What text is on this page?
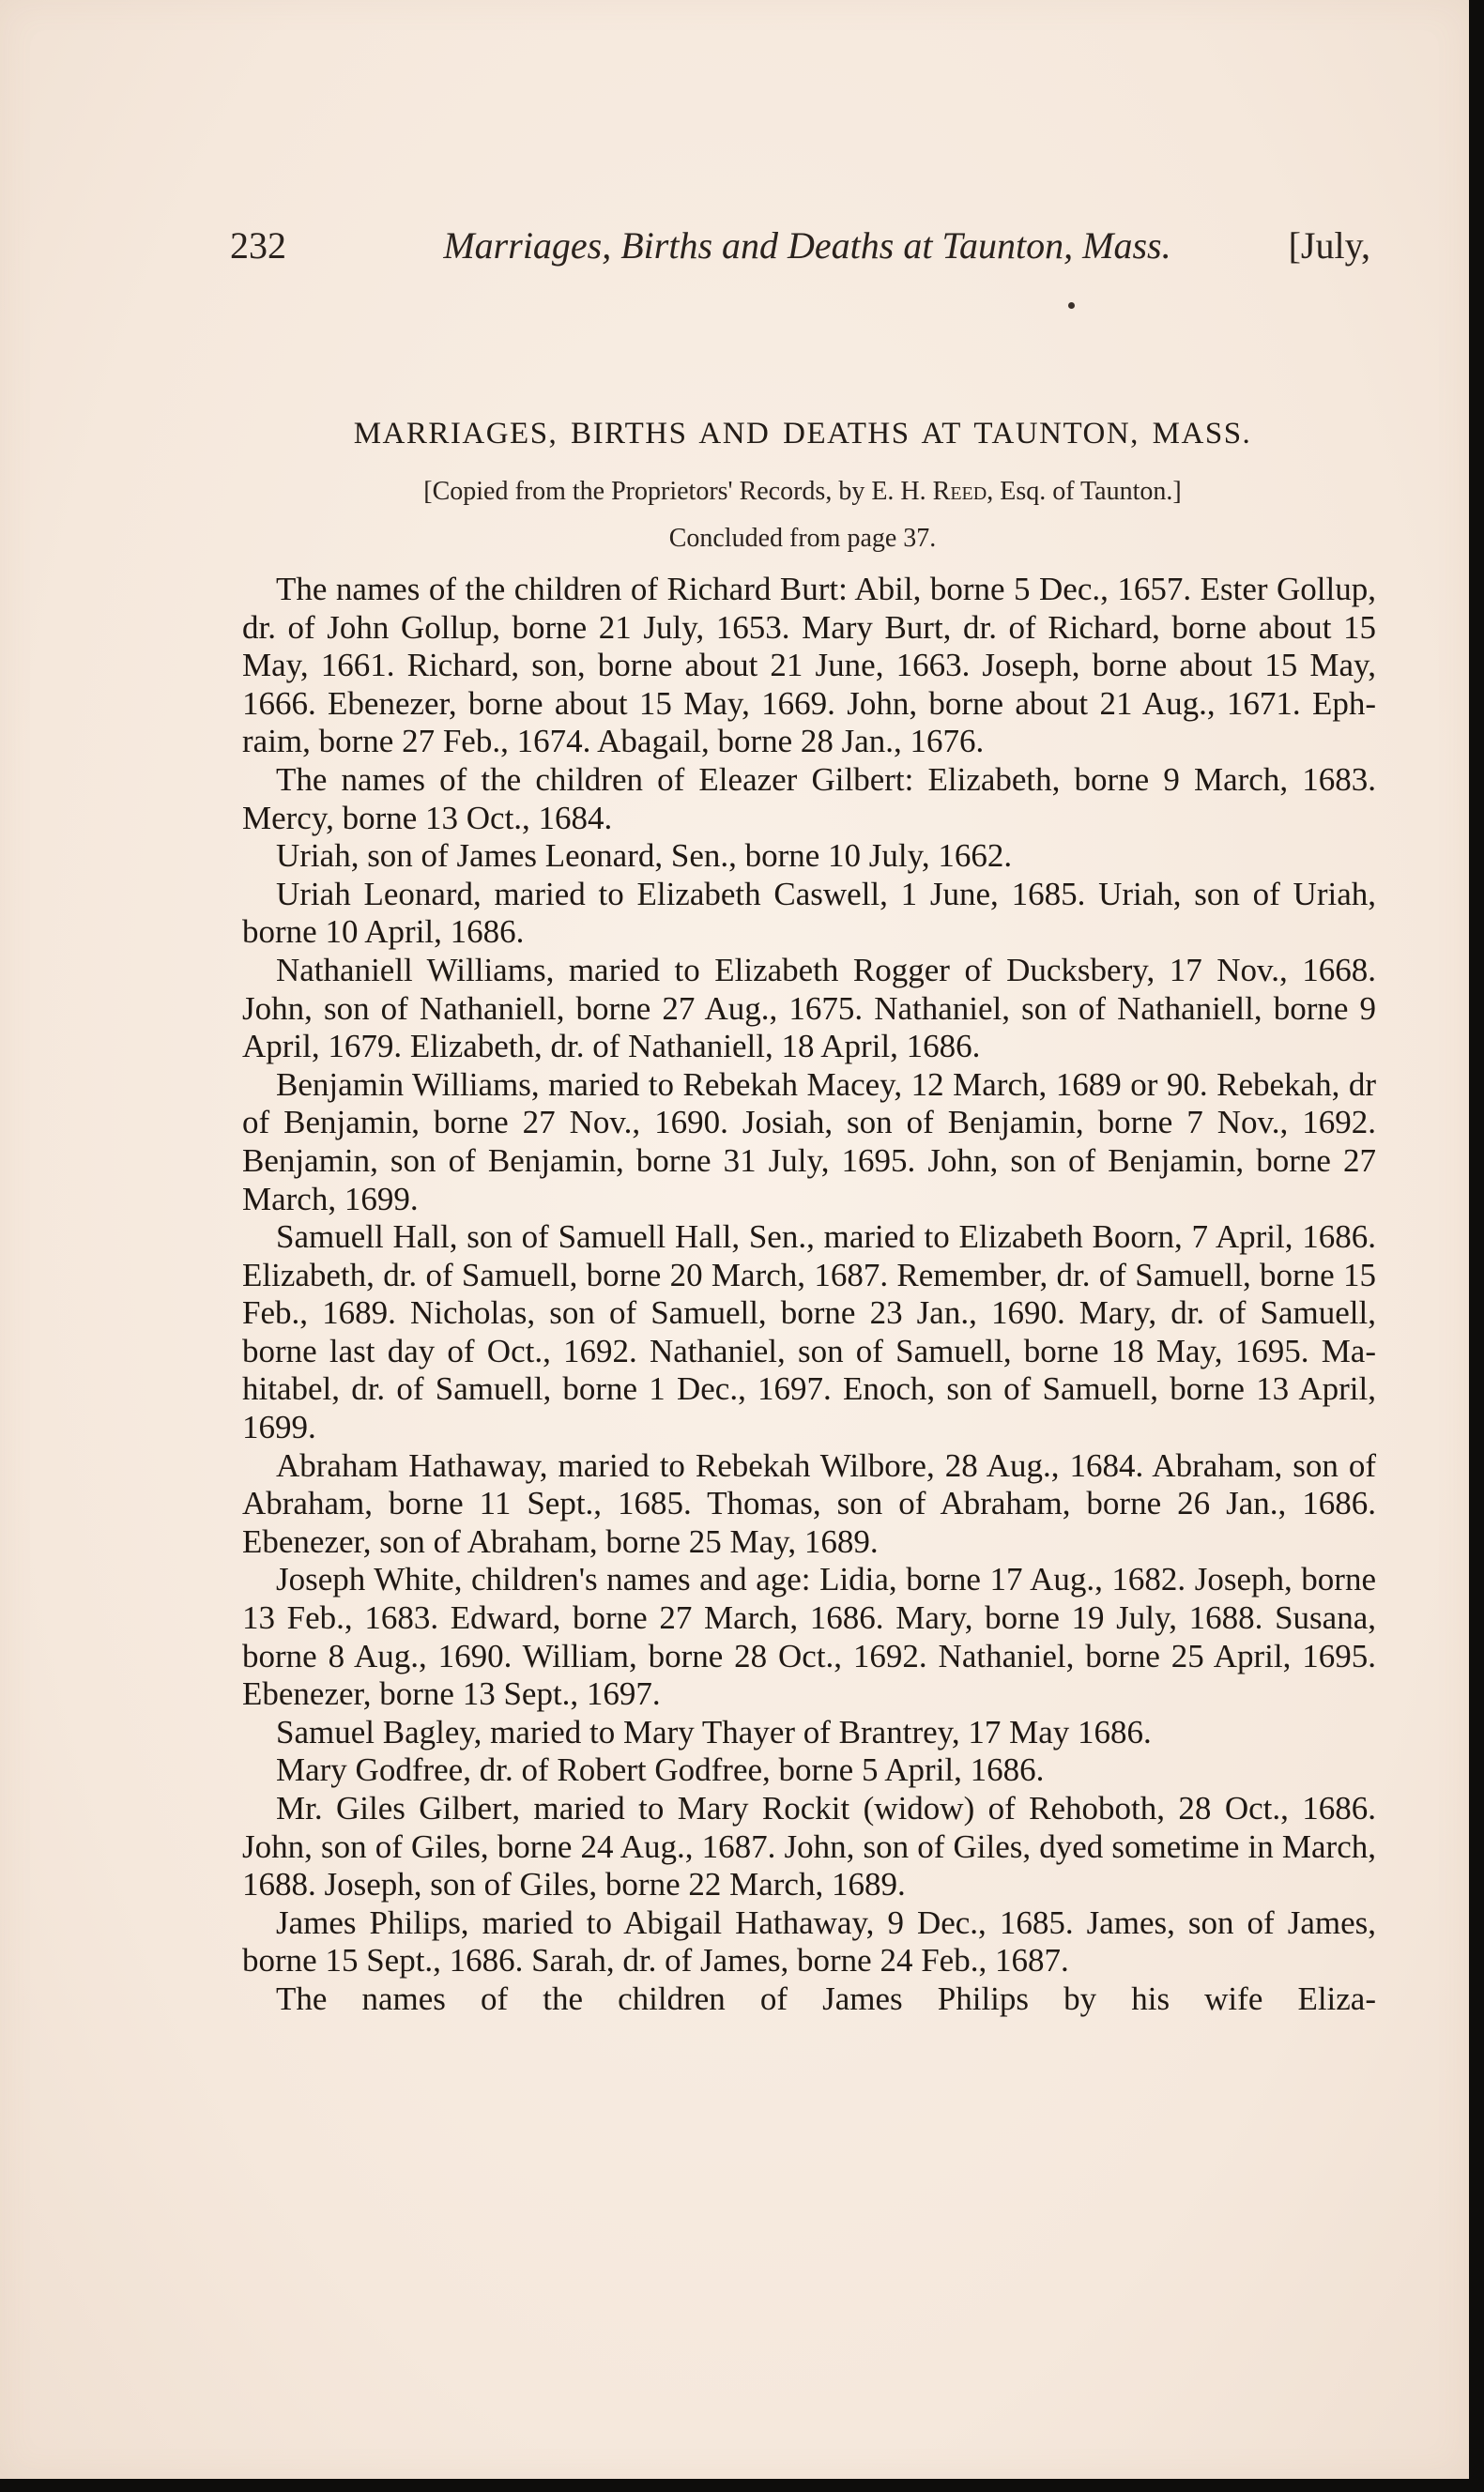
232	Marriages, Births and Deaths at Taunton, Mass.	[July,
MARRIAGES, BIRTHS AND DEATHS AT TAUNTON, MASS.
[Copied from the Proprietors' Records, by E. H. Reed, Esq. of Taunton.]
Concluded from page 37.

The names of the children of Richard Burt: Abil, borne 5 Dec., 1657. Ester Gollup, dr. of John Gollup, borne 21 July, 1653. Mary Burt, dr. of Richard, borne about 15 May, 1661. Richard, son, borne about 21 June, 1663. Joseph, borne about 15 May, 1666. Ebenezer, borne about 15 May, 1669. John, borne about 21 Aug., 1671. Ephraim, borne 27 Feb., 1674. Abagail, borne 28 Jan., 1676.

The names of the children of Eleazer Gilbert: Elizabeth, borne 9 March, 1683. Mercy, borne 13 Oct., 1684.

Uriah, son of James Leonard, Sen., borne 10 July, 1662.

Uriah Leonard, maried to Elizabeth Caswell, 1 June, 1685. Uriah, son of Uriah, borne 10 April, 1686.

Nathaniell Williams, maried to Elizabeth Rogger of Ducksbery, 17 Nov., 1668. John, son of Nathaniell, borne 27 Aug., 1675. Nathaniel, son of Nathaniell, borne 9 April, 1679. Elizabeth, dr. of Nathaniell, 18 April, 1686.

Benjamin Williams, maried to Rebekah Macey, 12 March, 1689 or 90. Rebekah, dr of Benjamin, borne 27 Nov., 1690. Josiah, son of Benjamin, borne 7 Nov., 1692. Benjamin, son of Benjamin, borne 31 July, 1695. John, son of Benjamin, borne 27 March, 1699.

Samuell Hall, son of Samuell Hall, Sen., maried to Elizabeth Boorn, 7 April, 1686. Elizabeth, dr. of Samuell, borne 20 March, 1687. Remember, dr. of Samuell, borne 15 Feb., 1689. Nicholas, son of Samuell, borne 23 Jan., 1690. Mary, dr. of Samuell, borne last day of Oct., 1692. Nathaniel, son of Samuell, borne 18 May, 1695. Mahitabel, dr. of Samuell, borne 1 Dec., 1697. Enoch, son of Samuell, borne 13 April, 1699.

Abraham Hathaway, maried to Rebekah Wilbore, 28 Aug., 1684. Abraham, son of Abraham, borne 11 Sept., 1685. Thomas, son of Abraham, borne 26 Jan., 1686. Ebenezer, son of Abraham, borne 25 May, 1689.

Joseph White, children's names and age: Lidia, borne 17 Aug., 1682. Joseph, borne 13 Feb., 1683. Edward, borne 27 March, 1686. Mary, borne 19 July, 1688. Susana, borne 8 Aug., 1690. William, borne 28 Oct., 1692. Nathaniel, borne 25 April, 1695. Ebenezer, borne 13 Sept., 1697.

Samuel Bagley, maried to Mary Thayer of Brantrey, 17 May 1686.

Mary Godfree, dr. of Robert Godfree, borne 5 April, 1686.

Mr. Giles Gilbert, maried to Mary Rockit (widow) of Rehoboth, 28 Oct., 1686. John, son of Giles, borne 24 Aug., 1687. John, son of Giles, dyed sometime in March, 1688. Joseph, son of Giles, borne 22 March, 1689.

James Philips, maried to Abigail Hathaway, 9 Dec., 1685. James, son of James, borne 15 Sept., 1686. Sarah, dr. of James, borne 24 Feb., 1687.

The names of the children of James Philips by his wife Eliza-
